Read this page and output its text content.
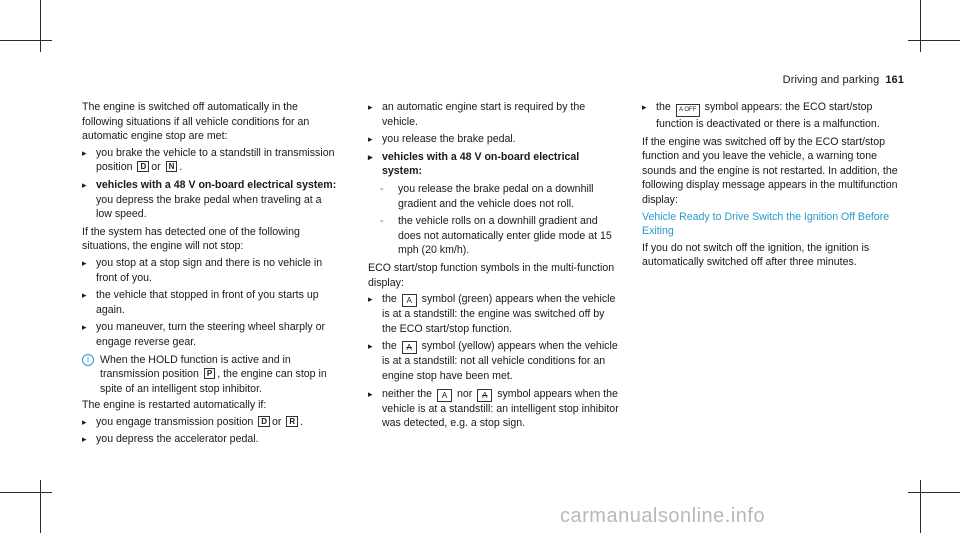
Driving and parking 161

The engine is switched off automatically in the following situations if all vehicle conditions for an automatic engine stop are met:

▸ you brake the vehicle to a standstill in transmission position D or N .
▸ vehicles with a 48 V on-board electrical system: you depress the brake pedal when traveling at a low speed.

If the system has detected one of the following situations, the engine will not stop:

▸ you stop at a stop sign and there is no vehicle in front of you.
▸ the vehicle that stopped in front of you starts up again.
▸ you maneuver, turn the steering wheel sharply or engage reverse gear.
i	When the HOLD function is active and in transmission position P , the engine can stop in spite of an intelligent stop inhibitor.

The engine is restarted automatically if:

▸ you engage transmission position D or R .
▸ you depress the accelerator pedal.
▸ an automatic engine start is required by the vehicle.
▸ you release the brake pedal.
▸ vehicles with a 48 V on-board electrical system:
- you release the brake pedal on a downhill gradient and the vehicle does not roll.
- the vehicle rolls on a downhill gradient and does not automatically enter glide mode at 15 mph (20 km/h).

ECO start/stop function symbols in the multi-function display:

▸ the A symbol (green) appears when the vehicle is at a standstill: the engine was switched off by the ECO start/stop function.
▸ the A symbol (yellow) appears when the vehicle is at a standstill: not all vehicle conditions for an engine stop have been met.
▸ neither the A nor A symbol appears when the vehicle is at a standstill: an intelligent stop inhibitor was detected, e.g. a stop sign.
▸ the A OFF symbol appears: the ECO start/stop function is deactivated or there is a malfunction.

If the engine was switched off by the ECO start/stop function and you leave the vehicle, a warning tone sounds and the engine is not restarted. In addition, the following display message appears in the multifunction display:

Vehicle Ready to Drive Switch the Ignition Off Before Exiting

If you do not switch off the ignition, the ignition is automatically switched off after three minutes.

carmanualsonline.info
